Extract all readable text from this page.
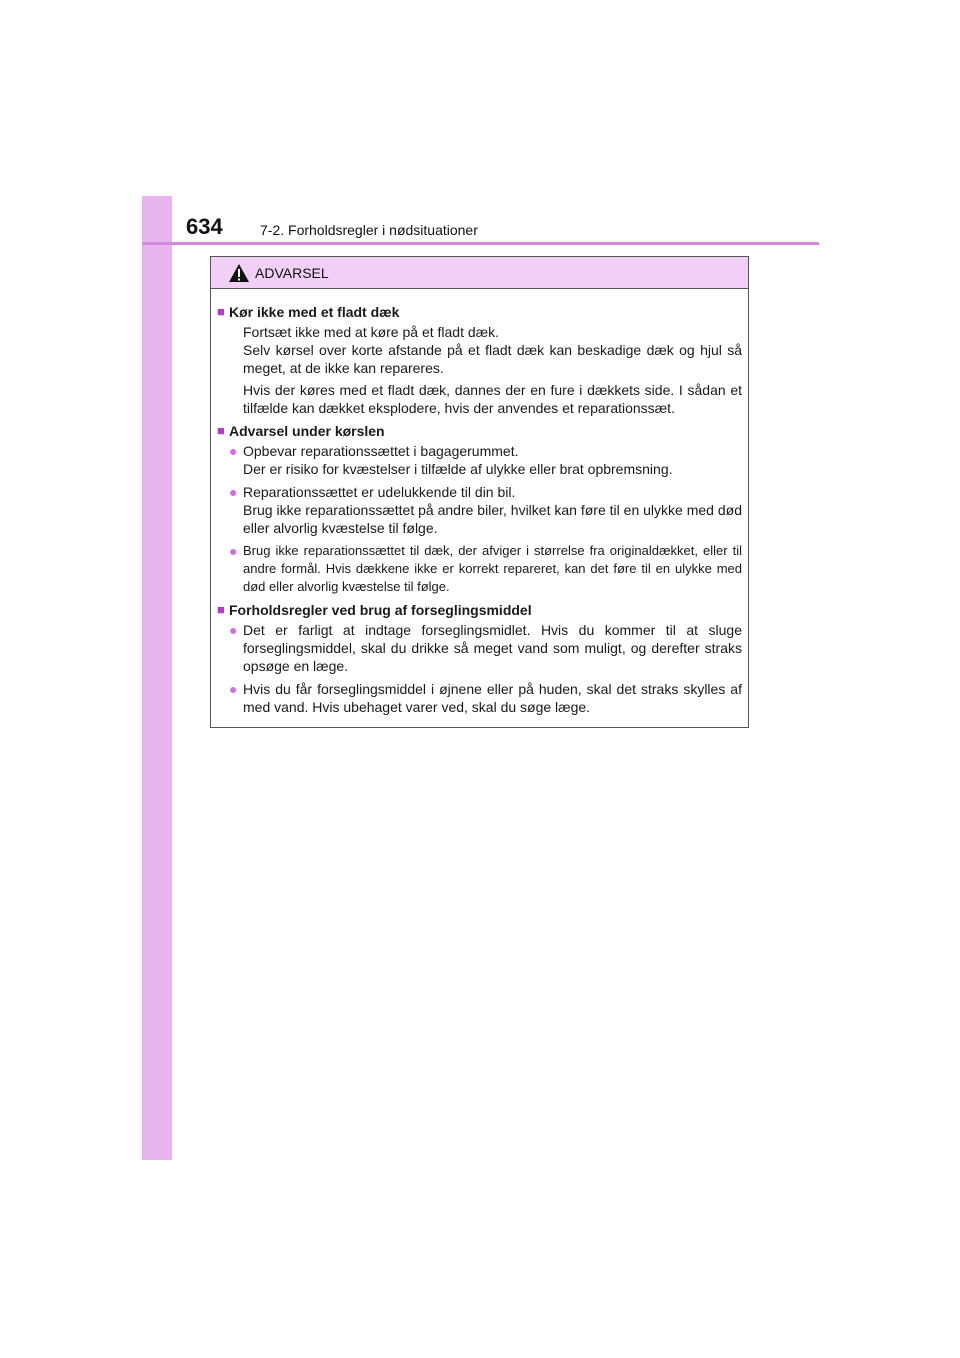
634	7-2. Forholdsregler i nødsituationer
ADVARSEL
■ Kør ikke med et fladt dæk
Fortsæt ikke med at køre på et fladt dæk.
Selv kørsel over korte afstande på et fladt dæk kan beskadige dæk og hjul så meget, at de ikke kan repareres.
Hvis der køres med et fladt dæk, dannes der en fure i dækkets side. I sådan et tilfælde kan dækket eksplodere, hvis der anvendes et reparationssæt.
■ Advarsel under kørslen
● Opbevar reparationssættet i bagagerummet.
Der er risiko for kvæstelser i tilfælde af ulykke eller brat opbremsning.
● Reparationssættet er udelukkende til din bil.
Brug ikke reparationssættet på andre biler, hvilket kan føre til en ulykke med død eller alvorlig kvæstelse til følge.
● Brug ikke reparationssættet til dæk, der afviger i størrelse fra originaldækket, eller til andre formål. Hvis dækkene ikke er korrekt repareret, kan det føre til en ulykke med død eller alvorlig kvæstelse til følge.
■ Forholdsregler ved brug af forseglingsmiddel
● Det er farligt at indtage forseglingsmidlet. Hvis du kommer til at sluge forseglingsmiddel, skal du drikke så meget vand som muligt, og derefter straks opsøge en læge.
● Hvis du får forseglingsmiddel i øjnene eller på huden, skal det straks skylles af med vand. Hvis ubehaget varer ved, skal du søge læge.
